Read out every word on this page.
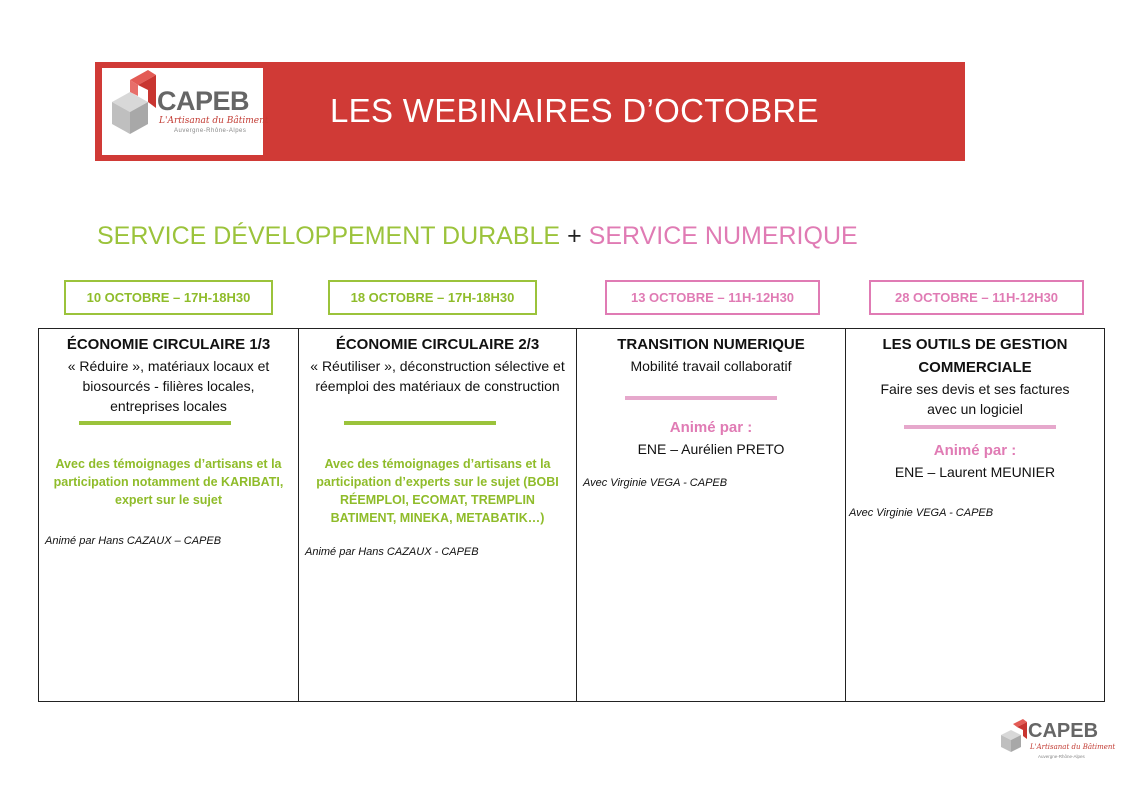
CAPEB
L'Artisanat du Bâtiment
Auvergne-Rhône-Alpes
LES WEBINAIRES D’OCTOBRE
SERVICE DÉVELOPPEMENT DURABLE + SERVICE NUMERIQUE
10 OCTOBRE – 17H-18H30	18 OCTOBRE – 17H-18H30	13 OCTOBRE – 11H-12H30	28 OCTOBRE – 11H-12H30
ÉCONOMIE CIRCULAIRE 1/3
« Réduire », matériaux locaux et biosourcés - filières locales, entreprises locales
Avec des témoignages d’artisans et la participation notamment de KARIBATI, expert sur le sujet
Animé par Hans CAZAUX – CAPEB
ÉCONOMIE CIRCULAIRE 2/3
« Réutiliser », déconstruction sélective et réemploi des matériaux de construction
Avec des témoignages d’artisans et la participation d’experts sur le sujet (BOBI RÉEMPLOI, ECOMAT, TREMPLIN BATIMENT, MINEKA, METABATIK…)
Animé par Hans CAZAUX - CAPEB
TRANSITION NUMERIQUE
Mobilité travail collaboratif
Animé par :
ENE – Aurélien PRETO
Avec Virginie VEGA - CAPEB
LES OUTILS DE GESTION COMMERCIALE
Faire ses devis et ses factures avec un logiciel
Animé par :
ENE – Laurent MEUNIER
Avec Virginie VEGA - CAPEB
CAPEB
L'Artisanat du Bâtiment
Auvergne-Rhône-Alpes
